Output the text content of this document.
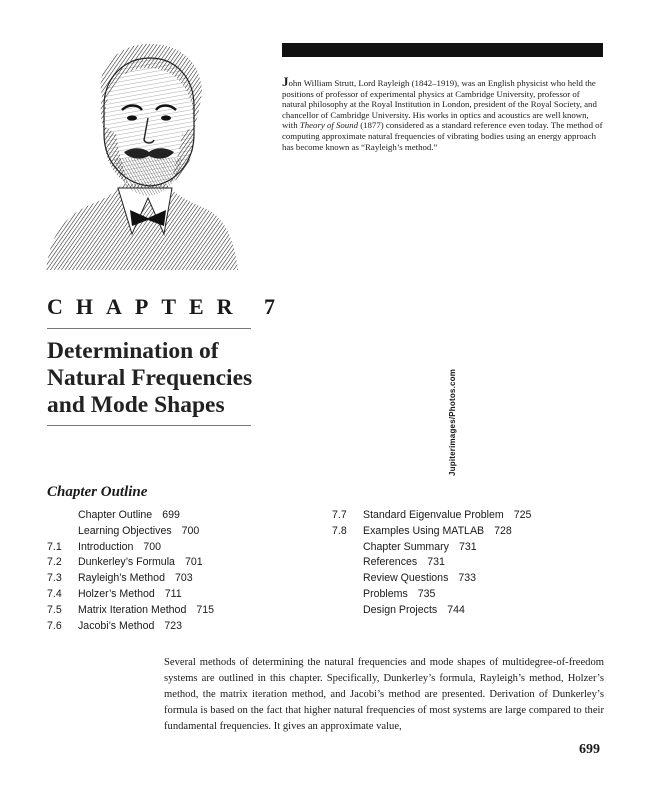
Jupiterimages/Photos.com
John William Strutt, Lord Rayleigh (1842–1919), was an English physicist who held the positions of professor of experimental physics at Cambridge University, professor of natural philosophy at the Royal Institution in London, president of the Royal Society, and chancellor of Cambridge University. His works in optics and acoustics are well known, with Theory of Sound (1877) considered as a standard reference even today. The method of computing approximate natural frequencies of vibrating bodies using an energy approach has become known as “Rayleigh’s method.”
CHAPTER 7
Determination of Natural Frequencies and Mode Shapes
Chapter Outline
Chapter Outline 699
Learning Objectives 700
7.1	Introduction 700
7.2	Dunkerley’s Formula 701
7.3	Rayleigh’s Method 703
7.4	Holzer’s Method 711
7.5	Matrix Iteration Method 715
7.6	Jacobi’s Method 723
7.7	Standard Eigenvalue Problem 725
7.8	Examples Using MATLAB 728
Chapter Summary 731
References 731
Review Questions 733
Problems 735
Design Projects 744
Several methods of determining the natural frequencies and mode shapes of multidegree-of-freedom systems are outlined in this chapter. Specifically, Dunkerley’s formula, Rayleigh’s method, Holzer’s method, the matrix iteration method, and Jacobi’s method are presented. Derivation of Dunkerley’s formula is based on the fact that higher natural frequencies of most systems are large compared to their fundamental frequencies. It gives an approximate value,
699
